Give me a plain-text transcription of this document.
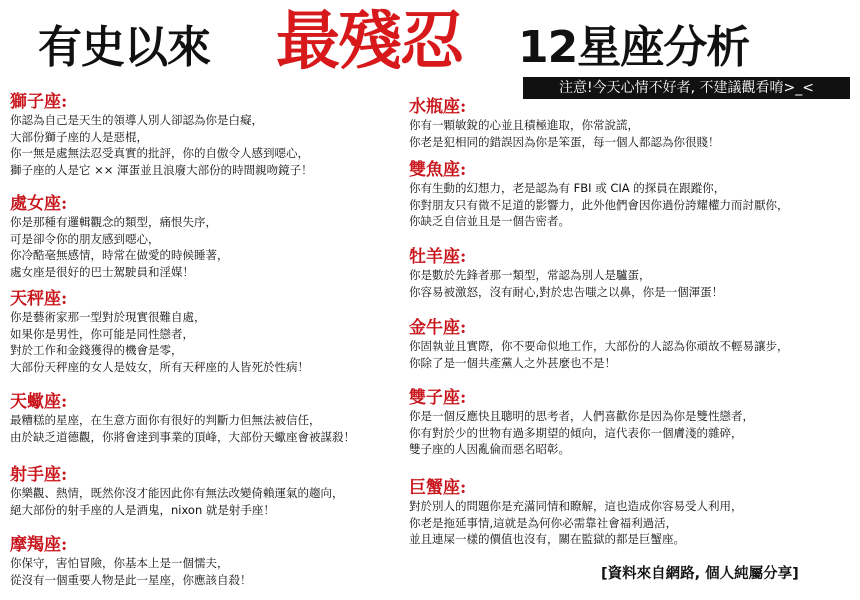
有史以來 最殘忍 12星座分析
注意!今天心情不好者, 不建議觀看唷>_<
獅子座:
你認為自己是天生的領導人別人卻認為你是白癡，
大部份獅子座的人是惡棍，
你一無是處無法忍受真實的批評，你的自傲令人感到噁心，
獅子座的人是它 ×× 渾蛋並且浪廢大部份的時間親吻鏡子！
處女座:
你是那種有邏輯觀念的類型，痛恨失序，
可是卻令你的朋友感到噁心，
你冷酷毫無感情，時常在做愛的時候睡著，
處女座是很好的巴士駕駛員和淫媒！
天秤座:
你是藝術家那一型對於現實很難自處，
如果你是男性，你可能是同性戀者，
對於工作和金錢獲得的機會是零，
大部份天秤座的女人是妓女，所有天秤座的人皆死於性病！
天蠍座:
最糟糕的星座，在生意方面你有很好的判斷力但無法被信任，
由於缺乏道德觀，你將會達到事業的頂峰，大部份天蠍座會被謀殺！
射手座:
你樂觀、熱情，既然你沒才能因此你有無法改變倚賴運氣的趨向，
絕大部份的射手座的人是酒鬼，nixon 就是射手座！
摩羯座:
你保守，害怕冒險，你基本上是一個懦夫，
從沒有一個重要人物是此一星座，你應該自殺！
水瓶座:
你有一顆敏銳的心並且積極進取，你常說謊，
你老是犯相同的錯誤因為你是笨蛋，每一個人都認為你很賤！
雙魚座:
你有生動的幻想力，老是認為有 FBI 或 CIA 的探員在跟蹤你，
你對朋友只有微不足道的影響力，此外他們會因你過份誇耀權力而討厭你，
你缺乏自信並且是一個告密者。
牡羊座:
你是數於先鋒者那一類型，常認為別人是驢蛋，
你容易被激怒，沒有耐心,對於忠告嗤之以鼻，你是一個渾蛋！
金牛座:
你固執並且實際，你不要命似地工作，大部份的人認為你頑故不輕易讓步，
你除了是一個共產黨人之外甚麼也不是！
雙子座:
你是一個反應快且聰明的思考者，人們喜歡你是因為你是雙性戀者，
你有對於少的世物有過多期望的傾向，這代表你一個膚淺的雜碎，
雙子座的人因亂倫而惡名昭彰。
巨蟹座:
對於別人的問題你是充滿同情和瞭解，這也造成你容易受人利用，
你老是拖延事情,這就是為何你必需靠社會福利過活，
並且連屎一樣的價值也沒有，關在監獄的都是巨蟹座。
[資料來自網路, 個人純屬分享]
